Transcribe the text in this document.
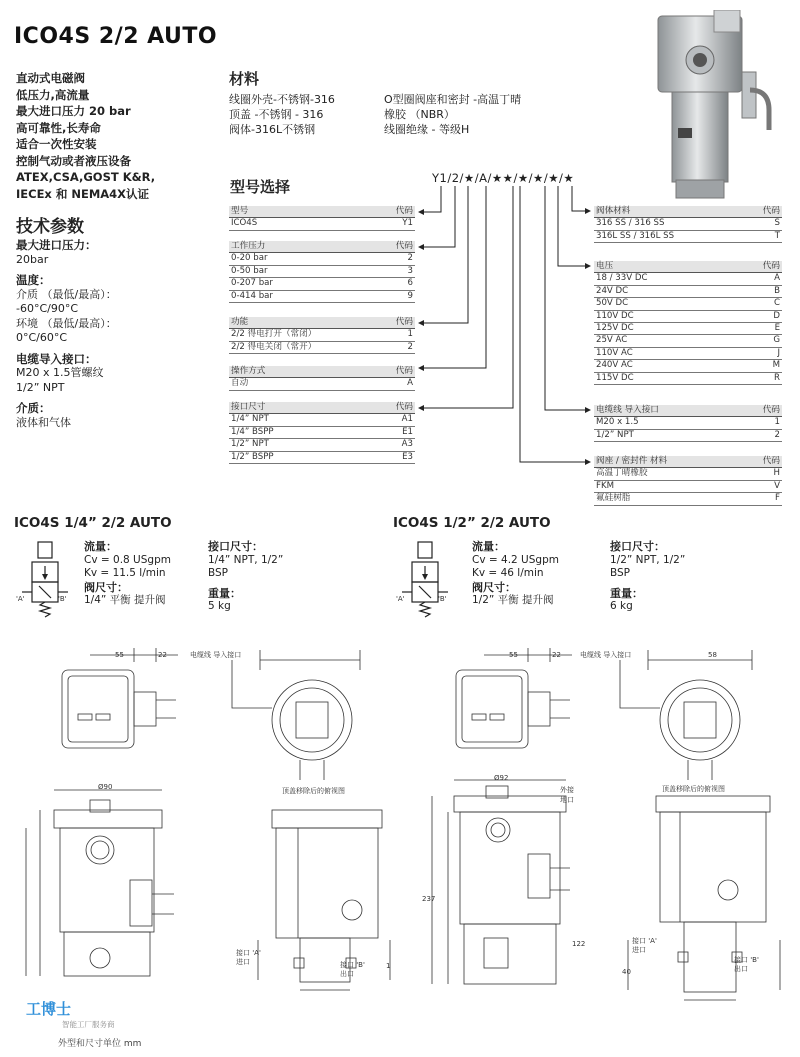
ICO4S 2/2 AUTO
直动式电磁阀
低压力,高流量
最大进口压力 20 bar
高可靠性,长寿命
适合一次性安装
控制气动或者液压设备
ATEX,CSA,GOST K&R,
IECEx 和 NEMA4X认证
技术参数
最大进口压力：
20bar
温度：
介质 （最低/最高）：
-60°C/90°C
环境 （最低/最高）：
0°C/60°C
电缆导入接口：
M20 x 1.5管螺纹
1/2” NPT
介质：
液体和气体
材料
线圈外壳-不锈钢-316
顶盖 -不锈钢 - 316
阀体-316L不锈钢
O型圈阀座和密封 -高温丁晴
橡胶 （NBR）
线圈绝缘 - 等级H
型号选择	Y1/2/★/A/★★/★/★/★/★
型号	代码
ICO4S	Y1
工作压力	代码
0-20 bar	2
0-50 bar	3
0-207 bar	6
0-414 bar	9
功能	代码
2/2 得电打开（常闭）	1
2/2 得电关闭（常开）	2
操作方式	代码
自动	A
接口尺寸	代码
1/4” NPT	A1
1/4” BSPP	E1
1/2” NPT	A3
1/2” BSPP	E3
阀体材料	代码
316 SS / 316 SS	S
316L SS / 316L SS	T
电压	代码
18 / 33V DC	A
24V DC	B
50V DC	C
110V DC	D
125V DC	E
25V AC	G
110V AC	J
240V AC	M
115V DC	R
电缆线 导入接口	代码
M20 x 1.5	1
1/2” NPT	2
阀座 / 密封件 材料	代码
高温丁晴橡胶	H
FKM	V
氟硅树脂	F
ICO4S 1/4” 2/2 AUTO	ICO4S 1/2” 2/2 AUTO
'A'	'B'	'A'	'B'
流量：
Cv = 0.8 USgpm
Kv = 11.5 l/min
阀尺寸：
1/4” 平衡 提升阀
接口尺寸：
1/4” NPT, 1/2”
BSP
重量：
5 kg
流量：
Cv = 4.2 USgpm
Kv = 46 l/min
阀尺寸：
1/2” 平衡 提升阀
接口尺寸：
1/2” NPT, 1/2”
BSP
重量：
6 kg
55	22	55	22	58
电缆线 导入接口	电缆线 导入接口
顶盖移除后的俯视图	顶盖移除后的俯视图
Ø90
Ø92
外接
地口
237
122
40
1
接口 'A'
进口	接口 'B'
出口
接口 'A'
进口
接口 'B'
出口
工博士
智能工厂服务商
外型和尺寸单位 mm
